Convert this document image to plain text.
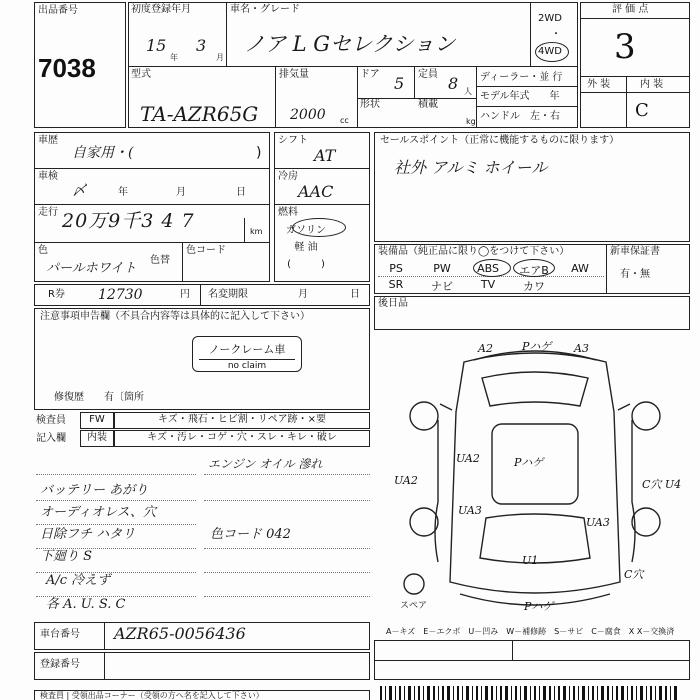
出品番号
7038
初度登録年月
15
年
3
月
車名・グレード
ノア L Gセレクション
2WD
・
4WD
評 価 点
3
外 装	内 装
C
型式
TA-AZR65G
排気量
2000 cc
ドア 5 定員 8 人
形状	積載
kg
ディーラー・並 行
モデル年式　　年
ハンドル　左・右
車歴
自家用・(	)
車検
〆	年	月	日
走行 20万9千3 4 7	km
色
パールホワイト
色替
色コード
シフト
AT
冷房
AAC
燃料
ガソリン
軽 油
(　　　)
セールスポイント（正常に機能するものに限ります）
社外 アルミ ホイール
装備品（純正品に限り◯をつけて下さい）	新車保証書
有・無
PS	PW	ABS	エアB	AW
SR	ナビ	TV	カワ
R券 12730	円 名変期限	月	日
後日品
注意事項申告欄（不具合内容等は具体的に記入して下さい）
ノークレーム車
no claim
修復歴　　有〔箇所
検査員
記入欄
FW	キズ・飛石・ヒビ割・リペア跡・×要
内装	キズ・汚レ・コゲ・穴・スレ・キレ・破レ
エンジン オイル 滲れ
バッテリー あがり
オーディオレス、穴
日除フチ ハタリ	色コード 042
下廻り S
A/c 冷えず
各 A. U. S. C
A2	Pハゲ A3
UA2
UA2	Pハゲ
UA3
UA3
U1
Pハゲ
C穴 U4
C穴
スペア
車台番号 AZR65-0056436
登録番号
A－キズ　E－エクボ　U－凹み　W－補修跡　S－サビ　C－腐食　X X－交換済
検査員 | 受領出品コーナー（受領の方へ名を記入して下さい）
